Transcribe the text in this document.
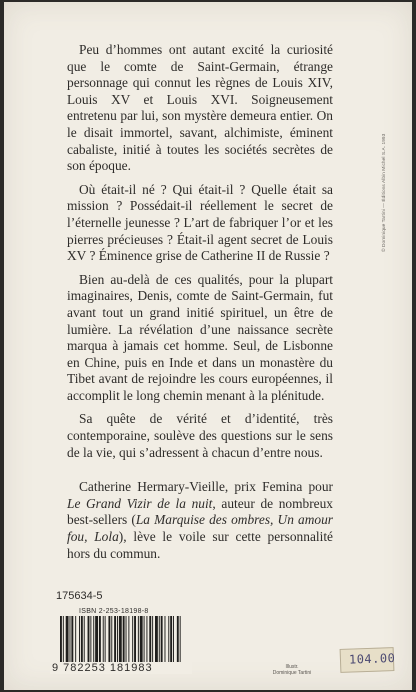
Peu d’hommes ont autant excité la curiosité que le comte de Saint-Germain, étrange personnage qui connut les règnes de Louis XIV, Louis XV et Louis XVI. Soigneusement entretenu par lui, son mystère demeura entier. On le disait immortel, savant, alchimiste, éminent cabaliste, initié à toutes les sociétés secrètes de son époque.

Où était-il né ? Qui était-il ? Quelle était sa mission ? Possédait-il réellement le secret de l’éternelle jeunesse ? L’art de fabriquer l’or et les pierres précieuses ? Était-il agent secret de Louis XV ? Éminence grise de Catherine II de Russie ?

Bien au-delà de ces qualités, pour la plupart imaginaires, Denis, comte de Saint-Germain, fut avant tout un grand initié spirituel, un être de lumière. La révélation d’une naissance secrète marqua à jamais cet homme. Seul, de Lisbonne en Chine, puis en Inde et dans un monastère du Tibet avant de rejoindre les cours européennes, il accomplit le long chemin menant à la plénitude.

Sa quête de vérité et d’identité, très contemporaine, soulève des questions sur le sens de la vie, qui s’adressent à chacun d’entre nous.

Catherine Hermary-Vieille, prix Femina pour Le Grand Vizir de la nuit, auteur de nombreux best-sellers (La Marquise des ombres, Un amour fou, Lola), lève le voile sur cette personnalité hors du commun.

© Dominique Tartini — Éditions Albin Michel S.A. 1993
175634-5
ISBN 2-253-18198-8
9 782253 181983	Illustr.
Dominique Tartini
104.00
